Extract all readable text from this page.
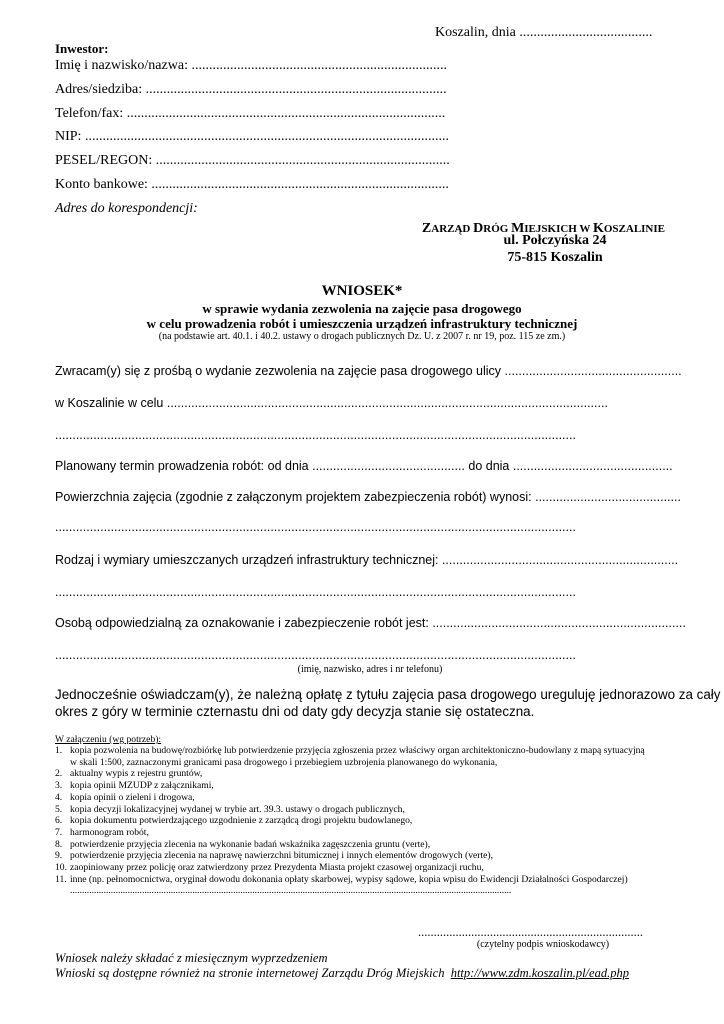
Koszalin, dnia ......................................
Inwestor:
Imię i nazwisko/nazwa: .........................................................................
Adres/siedziba: ......................................................................................
Telefon/fax: ...........................................................................................
NIP: ........................................................................................................
PESEL/REGON: ....................................................................................
Konto bankowe: .....................................................................................
Adres do korespondencji:
ZARZĄD DRÓG MIEJSKICH W KOSZALINIE
ul. Połczyńska 24
75-815 Koszalin
WNIOSEK*
w sprawie wydania zezwolenia na zajęcie pasa drogowego
w celu prowadzenia robót i umieszczenia urządzeń infrastruktury technicznej
(na podstawie art. 40.1. i 40.2. ustawy o drogach publicznych Dz. U. z 2007 r. nr 19, poz. 115 ze zm.)
Zwracam(y) się z prośbą o wydanie zezwolenia na zajęcie pasa drogowego ulicy ...................................................
w Koszalinie w celu ...............................................................................................................................
......................................................................................................................................................
Planowany termin prowadzenia robót: od dnia ............................................ do dnia ..............................................
Powierzchnia zajęcia (zgodnie z załączonym projektem zabezpieczenia robót) wynosi: ..........................................
......................................................................................................................................................
Rodzaj i wymiary umieszczanych urządzeń infrastruktury technicznej: ....................................................................
......................................................................................................................................................
Osobą odpowiedzialną za oznakowanie i zabezpieczenie robót jest: .........................................................................
......................................................................................................................................................
(imię, nazwisko, adres i nr telefonu)
Jednocześnie oświadczam(y), że należną opłatę z tytułu zajęcia pasa drogowego ureguluję jednorazowo za cały
okres z góry w terminie czternastu dni od daty gdy decyzja stanie się ostateczna.
W załączeniu (wg potrzeb):
1. kopia pozwolenia na budowę/rozbiórkę lub potwierdzenie przyjęcia zgłoszenia przez właściwy organ architektoniczno-budowlany z mapą sytuacyjną
w skali 1:500, zaznaczonymi granicami pasa drogowego i przebiegiem uzbrojenia planowanego do wykonania,
2. aktualny wypis z rejestru gruntów,
3. kopia opinii MZUDP z załącznikami,
4. kopia opinii o zieleni i drogowa,
5. kopia decyzji lokalizacyjnej wydanej w trybie art. 39.3. ustawy o drogach publicznych,
6. kopia dokumentu potwierdzającego uzgodnienie z zarządcą drogi projektu budowlanego,
7. harmonogram robót,
8. potwierdzenie przyjęcia zlecenia na wykonanie badań wskaźnika zagęszczenia gruntu (verte),
9. potwierdzenie przyjęcia zlecenia na naprawę nawierzchni bitumicznej i innych elementów drogowych (verte),
10. zaopiniowany przez policję oraz zatwierdzony przez Prezydenta Miasta projekt czasowej organizacji ruchu,
11. inne (np. pełnomocnictwa, oryginał dowodu dokonania opłaty skarbowej, wypisy sądowe, kopia wpisu do Ewidencji Działalności Gospodarczej)
........................................................................................................................................................................................
........................................................................
(czytelny podpis wnioskodawcy)
Wniosek należy składać z miesięcznym wyprzedzeniem
Wnioski są dostępne również na stronie internetowej Zarządu Dróg Miejskich http://www.zdm.koszalin.pl/ead.php
